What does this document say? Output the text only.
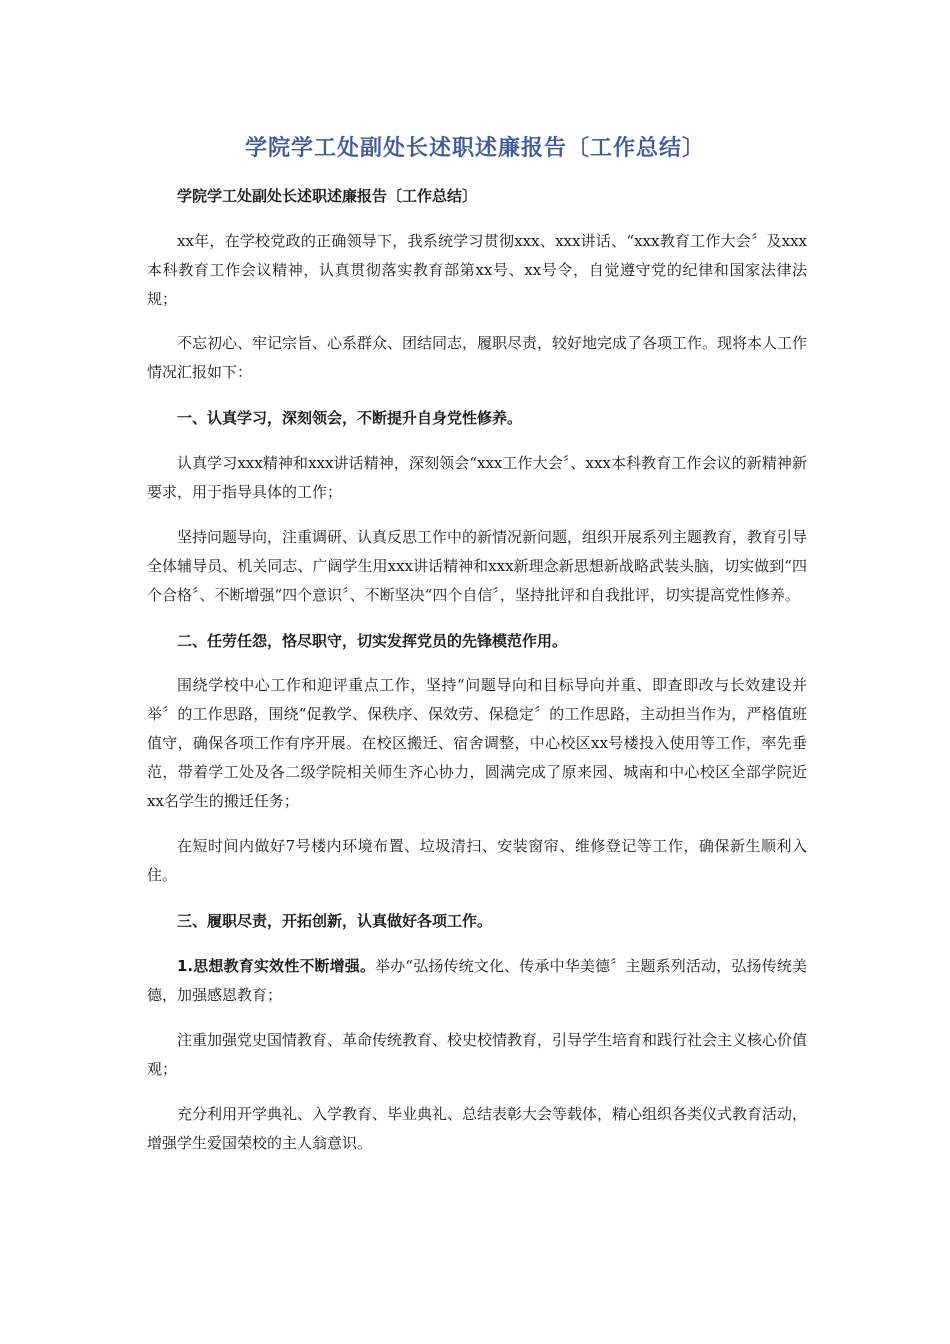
学院学工处副处长述职述廉报告〔工作总结〕

学院学工处副处长述职述廉报告〔工作总结〕

xx年，在学校党政的正确领导下，我系统学习贯彻xxx、xxx讲话、“xxx教育工作大会〞及xxx本科教育工作会议精神，认真贯彻落实教育部第xx号、xx号令，自觉遵守党的纪律和国家法律法规；

不忘初心、牢记宗旨、心系群众、团结同志，履职尽责，较好地完成了各项工作。现将本人工作情况汇报如下：

一、认真学习，深刻领会，不断提升自身党性修养。

认真学习xxx精神和xxx讲话精神，深刻领会“xxx工作大会〞、xxx本科教育工作会议的新精神新要求，用于指导具体的工作；

坚持问题导向，注重调研、认真反思工作中的新情况新问题，组织开展系列主题教育，教育引导全体辅导员、机关同志、广阔学生用xxx讲话精神和xxx新理念新思想新战略武装头脑，切实做到“四个合格〞、不断增强“四个意识〞、不断坚决“四个自信〞，坚持批评和自我批评，切实提高党性修养。

二、任劳任怨，恪尽职守，切实发挥党员的先锋模范作用。

围绕学校中心工作和迎评重点工作，坚持“问题导向和目标导向并重、即查即改与长效建设并举〞的工作思路，围绕“促教学、保秩序、保效劳、保稳定〞的工作思路，主动担当作为，严格值班值守，确保各项工作有序开展。在校区搬迁、宿舍调整，中心校区xx号楼投入使用等工作，率先垂范，带着学工处及各二级学院相关师生齐心协力，圆满完成了原来园、城南和中心校区全部学院近xx名学生的搬迁任务；

在短时间内做好7号楼内环境布置、垃圾清扫、安装窗帘、维修登记等工作，确保新生顺利入住。

三、履职尽责，开拓创新，认真做好各项工作。

1.思想教育实效性不断增强。举办“弘扬传统文化、传承中华美德〞主题系列活动，弘扬传统美德，加强感恩教育；

注重加强党史国情教育、革命传统教育、校史校情教育，引导学生培育和践行社会主义核心价值观；

充分利用开学典礼、入学教育、毕业典礼、总结表彰大会等载体，精心组织各类仪式教育活动，增强学生爱国荣校的主人翁意识。
